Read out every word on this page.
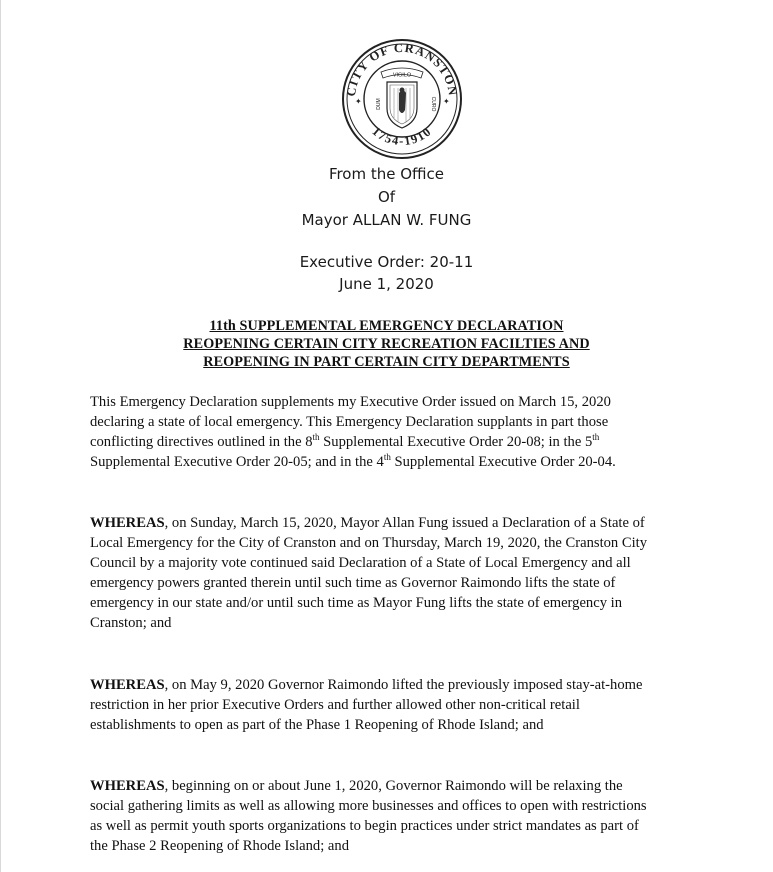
CITY OF CRANSTON
1754-1910
✦	✦
VIGILO
DUM	CURO
From the Office
Of
Mayor ALLAN W. FUNG
Executive Order: 20-11
June 1, 2020
11th SUPPLEMENTAL EMERGENCY DECLARATION
REOPENING CERTAIN CITY RECREATION FACILTIES AND
REOPENING IN PART CERTAIN CITY DEPARTMENTS
This Emergency Declaration supplements my Executive Order issued on March 15, 2020
declaring a state of local emergency. This Emergency Declaration supplants in part those
conflicting directives outlined in the 8th Supplemental Executive Order 20-08; in the 5th
Supplemental Executive Order 20-05; and in the 4th Supplemental Executive Order 20-04.
WHEREAS, on Sunday, March 15, 2020, Mayor Allan Fung issued a Declaration of a State of
Local Emergency for the City of Cranston and on Thursday, March 19, 2020, the Cranston City
Council by a majority vote continued said Declaration of a State of Local Emergency and all
emergency powers granted therein until such time as Governor Raimondo lifts the state of
emergency in our state and/or until such time as Mayor Fung lifts the state of emergency in
Cranston; and
WHEREAS, on May 9, 2020 Governor Raimondo lifted the previously imposed stay-at-home
restriction in her prior Executive Orders and further allowed other non-critical retail
establishments to open as part of the Phase 1 Reopening of Rhode Island; and
WHEREAS, beginning on or about June 1, 2020, Governor Raimondo will be relaxing the
social gathering limits as well as allowing more businesses and offices to open with restrictions
as well as permit youth sports organizations to begin practices under strict mandates as part of
the Phase 2 Reopening of Rhode Island; and
